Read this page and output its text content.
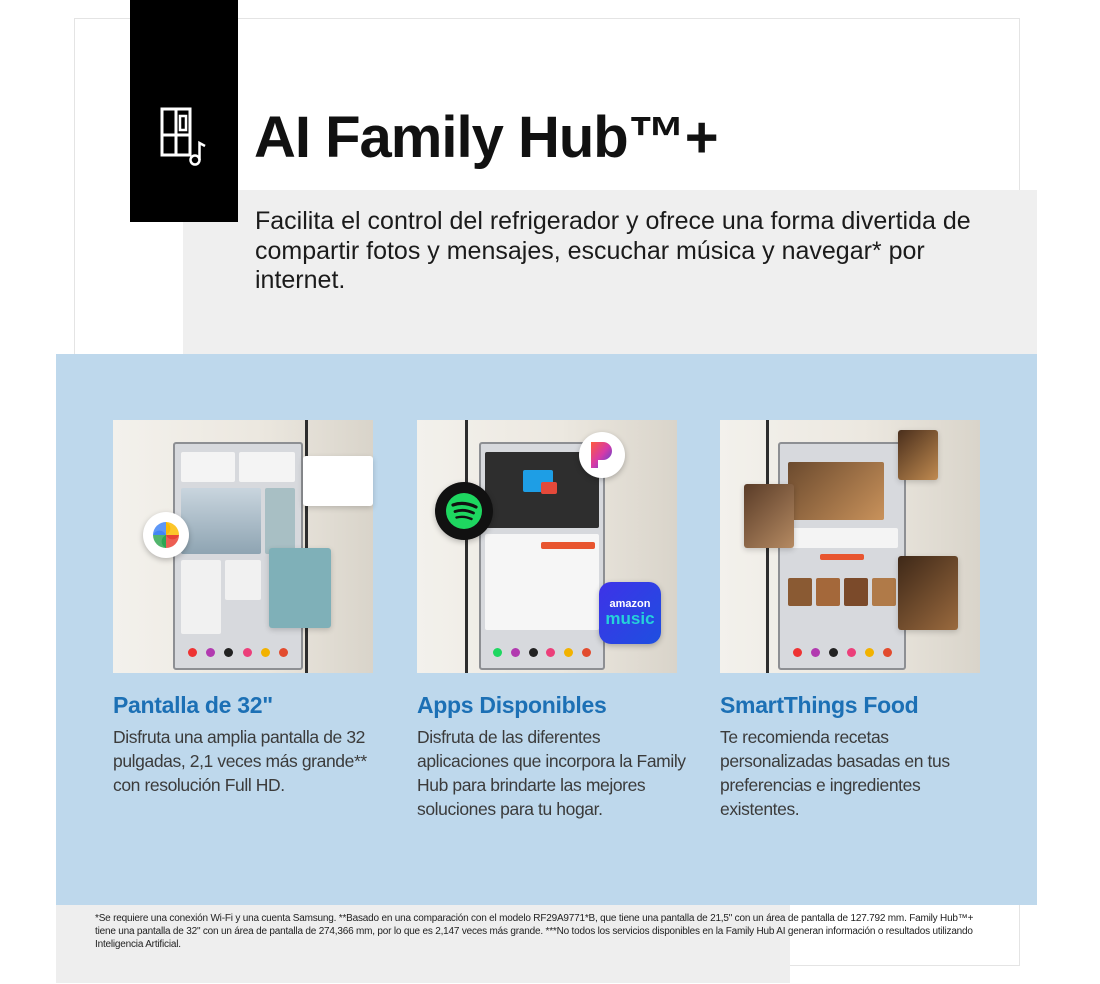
AI Family Hub™+

Facilita el control del refrigerador y ofrece una forma divertida de compartir fotos y mensajes, escuchar música y navegar* por internet.

Pantalla de 32"

Disfruta una amplia pantalla de 32 pulgadas, 2,1 veces más grande** con resolución Full HD.

amazon
music
Apps Disponibles

Disfruta de las diferentes aplicaciones que incorpora la Family Hub para brindarte las mejores soluciones para tu hogar.

SmartThings Food

Te recomienda recetas personalizadas basadas en tus preferencias e ingredientes existentes.

*Se requiere una conexión Wi-Fi y una cuenta Samsung. **Basado en una comparación con el modelo RF29A9771*B, que tiene una pantalla de 21,5" con un área de pantalla de 127.792 mm. Family Hub™+ tiene una pantalla de 32" con un área de pantalla de 274,366 mm, por lo que es 2,147 veces más grande. ***No todos los servicios disponibles en la Family Hub AI generan información o resultados utilizando Inteligencia Artificial.
